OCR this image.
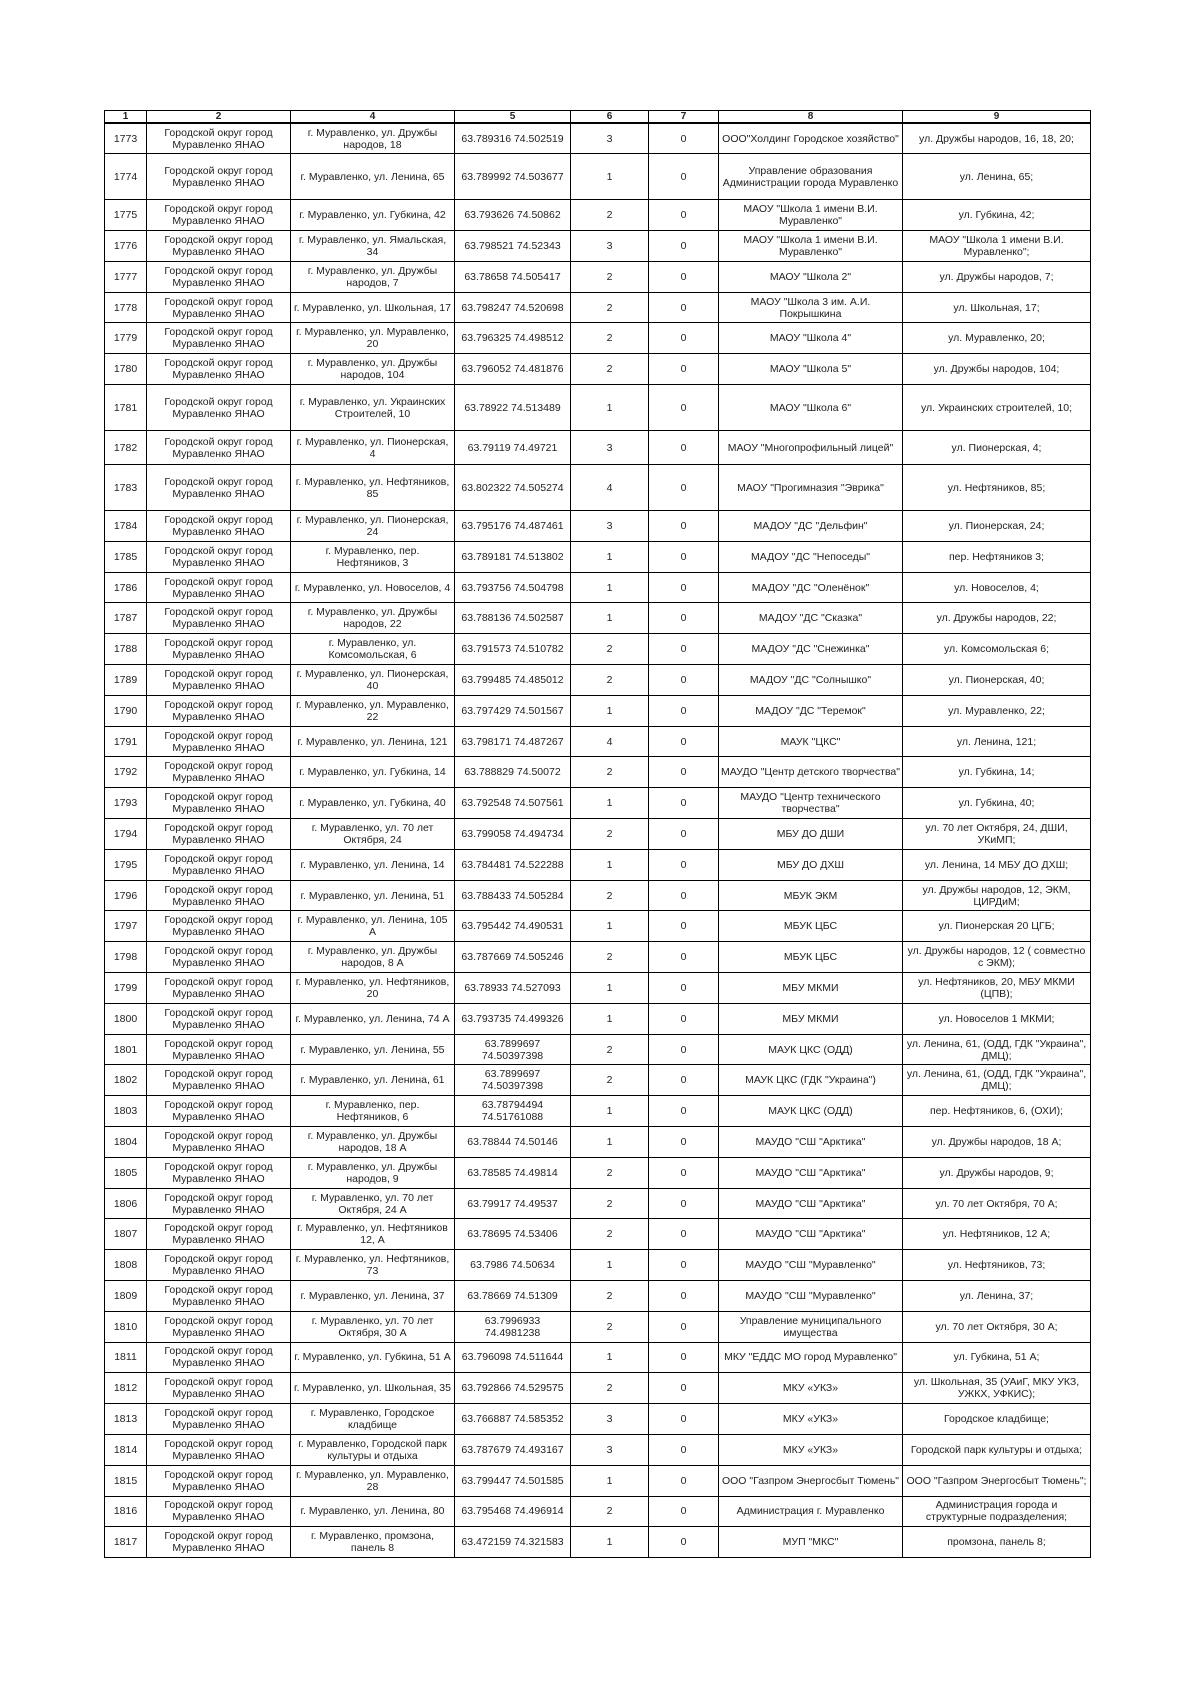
1	2	4	5	6	7	8	9
1773	Городской округ город Муравленко ЯНАО	г. Муравленко, ул. Дружбы народов, 18	63.789316 74.502519	3	0	ООО"Холдинг Городское хозяйство"	ул. Дружбы народов, 16, 18, 20;
1774	Городской округ город Муравленко ЯНАО	г. Муравленко, ул. Ленина, 65	63.789992 74.503677	1	0	Управление образования Администрации города Муравленко	ул. Ленина, 65;
1775	Городской округ город Муравленко ЯНАО	г. Муравленко, ул. Губкина, 42	63.793626 74.50862	2	0	МАОУ "Школа 1 имени В.И. Муравленко"	ул. Губкина, 42;
1776	Городской округ город Муравленко ЯНАО	г. Муравленко, ул. Ямальская, 34	63.798521 74.52343	3	0	МАОУ "Школа 1 имени В.И. Муравленко"	МАОУ "Школа 1 имени В.И. Муравленко";
1777	Городской округ город Муравленко ЯНАО	г. Муравленко, ул. Дружбы народов, 7	63.78658 74.505417	2	0	МАОУ "Школа 2"	ул. Дружбы народов, 7;
1778	Городской округ город Муравленко ЯНАО	г. Муравленко, ул. Школьная, 17	63.798247 74.520698	2	0	МАОУ "Школа 3 им. А.И. Покрышкина	ул. Школьная, 17;
1779	Городской округ город Муравленко ЯНАО	г. Муравленко, ул. Муравленко, 20	63.796325 74.498512	2	0	МАОУ "Школа 4"	ул. Муравленко, 20;
1780	Городской округ город Муравленко ЯНАО	г. Муравленко, ул. Дружбы народов, 104	63.796052 74.481876	2	0	МАОУ "Школа 5"	ул. Дружбы народов, 104;
1781	Городской округ город Муравленко ЯНАО	г. Муравленко, ул. Украинских Строителей, 10	63.78922 74.513489	1	0	МАОУ "Школа 6"	ул. Украинских строителей, 10;
1782	Городской округ город Муравленко ЯНАО	г. Муравленко, ул. Пионерская, 4	63.79119 74.49721	3	0	МАОУ "Многопрофильный лицей"	ул. Пионерская, 4;
1783	Городской округ город Муравленко ЯНАО	г. Муравленко, ул. Нефтяников, 85	63.802322 74.505274	4	0	МАОУ "Прогимназия "Эврика"	ул. Нефтяников, 85;
1784	Городской округ город Муравленко ЯНАО	г. Муравленко, ул. Пионерская, 24	63.795176 74.487461	3	0	МАДОУ "ДС "Дельфин"	ул. Пионерская, 24;
1785	Городской округ город Муравленко ЯНАО	г. Муравленко, пер. Нефтяников, 3	63.789181 74.513802	1	0	МАДОУ "ДС "Непоседы"	пер. Нефтяников 3;
1786	Городской округ город Муравленко ЯНАО	г. Муравленко, ул. Новоселов, 4	63.793756 74.504798	1	0	МАДОУ "ДС "Оленёнок"	ул. Новоселов, 4;
1787	Городской округ город Муравленко ЯНАО	г. Муравленко, ул. Дружбы народов, 22	63.788136 74.502587	1	0	МАДОУ "ДС "Сказка"	ул. Дружбы народов, 22;
1788	Городской округ город Муравленко ЯНАО	г. Муравленко, ул. Комсомольская, 6	63.791573 74.510782	2	0	МАДОУ "ДС "Снежинка"	ул. Комсомольская 6;
1789	Городской округ город Муравленко ЯНАО	г. Муравленко, ул. Пионерская, 40	63.799485 74.485012	2	0	МАДОУ "ДС "Солнышко"	ул. Пионерская, 40;
1790	Городской округ город Муравленко ЯНАО	г. Муравленко, ул. Муравленко, 22	63.797429 74.501567	1	0	МАДОУ "ДС "Теремок"	ул. Муравленко, 22;
1791	Городской округ город Муравленко ЯНАО	г. Муравленко, ул. Ленина, 121	63.798171 74.487267	4	0	МАУК "ЦКС"	ул. Ленина, 121;
1792	Городской округ город Муравленко ЯНАО	г. Муравленко, ул. Губкина, 14	63.788829 74.50072	2	0	МАУДО "Центр детского творчества"	ул. Губкина, 14;
1793	Городской округ город Муравленко ЯНАО	г. Муравленко, ул. Губкина, 40	63.792548 74.507561	1	0	МАУДО "Центр технического творчества"	ул. Губкина, 40;
1794	Городской округ город Муравленко ЯНАО	г. Муравленко, ул. 70 лет Октября, 24	63.799058 74.494734	2	0	МБУ ДО ДШИ	ул. 70 лет Октября, 24, ДШИ, УКиМП;
1795	Городской округ город Муравленко ЯНАО	г. Муравленко, ул. Ленина, 14	63.784481 74.522288	1	0	МБУ ДО ДХШ	ул. Ленина, 14 МБУ ДО ДХШ;
1796	Городской округ город Муравленко ЯНАО	г. Муравленко, ул. Ленина, 51	63.788433 74.505284	2	0	МБУК ЭКМ	ул. Дружбы народов, 12, ЭКМ, ЦИРДиМ;
1797	Городской округ город Муравленко ЯНАО	г. Муравленко, ул. Ленина, 105 А	63.795442 74.490531	1	0	МБУК ЦБС	ул. Пионерская 20 ЦГБ;
1798	Городской округ город Муравленко ЯНАО	г. Муравленко, ул. Дружбы народов, 8 А	63.787669 74.505246	2	0	МБУК ЦБС	ул. Дружбы народов, 12 ( совместно с ЭКМ);
1799	Городской округ город Муравленко ЯНАО	г. Муравленко, ул. Нефтяников, 20	63.78933 74.527093	1	0	МБУ МКМИ	ул. Нефтяников, 20, МБУ МКМИ (ЦПВ);
1800	Городской округ город Муравленко ЯНАО	г. Муравленко, ул. Ленина, 74 А	63.793735 74.499326	1	0	МБУ МКМИ	ул. Новоселов 1 МКМИ;
1801	Городской округ город Муравленко ЯНАО	г. Муравленко, ул. Ленина, 55	63.7899697 74.50397398	2	0	МАУК ЦКС (ОДД)	ул. Ленина, 61, (ОДД, ГДК "Украина", ДМЦ);
1802	Городской округ город Муравленко ЯНАО	г. Муравленко, ул. Ленина, 61	63.7899697 74.50397398	2	0	МАУК ЦКС (ГДК "Украина")	ул. Ленина, 61, (ОДД, ГДК "Украина", ДМЦ);
1803	Городской округ город Муравленко ЯНАО	г. Муравленко, пер. Нефтяников, 6	63.78794494 74.51761088	1	0	МАУК ЦКС (ОДД)	пер. Нефтяников, 6, (ОХИ);
1804	Городской округ город Муравленко ЯНАО	г. Муравленко, ул. Дружбы народов, 18 А	63.78844 74.50146	1	0	МАУДО "СШ "Арктика"	ул. Дружбы народов, 18 А;
1805	Городской округ город Муравленко ЯНАО	г. Муравленко, ул. Дружбы народов, 9	63.78585 74.49814	2	0	МАУДО "СШ "Арктика"	ул. Дружбы народов, 9;
1806	Городской округ город Муравленко ЯНАО	г. Муравленко, ул. 70 лет Октября, 24 А	63.79917 74.49537	2	0	МАУДО "СШ "Арктика"	ул. 70 лет Октября, 70 А;
1807	Городской округ город Муравленко ЯНАО	г. Муравленко, ул. Нефтяников 12, А	63.78695 74.53406	2	0	МАУДО "СШ "Арктика"	ул. Нефтяников, 12 А;
1808	Городской округ город Муравленко ЯНАО	г. Муравленко, ул. Нефтяников, 73	63.7986 74.50634	1	0	МАУДО "СШ "Муравленко"	ул. Нефтяников, 73;
1809	Городской округ город Муравленко ЯНАО	г. Муравленко, ул. Ленина, 37	63.78669 74.51309	2	0	МАУДО "СШ "Муравленко"	ул. Ленина, 37;
1810	Городской округ город Муравленко ЯНАО	г. Муравленко, ул. 70 лет Октября, 30 А	63.7996933 74.4981238	2	0	Управление муниципального имущества	ул. 70 лет Октября, 30 А;
1811	Городской округ город Муравленко ЯНАО	г. Муравленко, ул. Губкина, 51 А	63.796098 74.511644	1	0	МКУ "ЕДДС МО город Муравленко"	ул. Губкина, 51 А;
1812	Городской округ город Муравленко ЯНАО	г. Муравленко, ул. Школьная, 35	63.792866 74.529575	2	0	МКУ «УКЗ»	ул. Школьная, 35 (УАиГ, МКУ УКЗ, УЖКХ, УФКИС);
1813	Городской округ город Муравленко ЯНАО	г. Муравленко, Городское кладбище	63.766887 74.585352	3	0	МКУ «УКЗ»	Городское кладбище;
1814	Городской округ город Муравленко ЯНАО	г. Муравленко, Городской парк культуры и отдыха	63.787679 74.493167	3	0	МКУ «УКЗ»	Городской парк культуры и отдыха;
1815	Городской округ город Муравленко ЯНАО	г. Муравленко, ул. Муравленко, 28	63.799447 74.501585	1	0	ООО "Газпром Энергосбыт Тюмень"	ООО "Газпром Энергосбыт Тюмень";
1816	Городской округ город Муравленко ЯНАО	г. Муравленко, ул. Ленина, 80	63.795468 74.496914	2	0	Администрация г. Муравленко	Администрация города и структурные подразделения;
1817	Городской округ город Муравленко ЯНАО	г. Муравленко, промзона, панель 8	63.472159 74.321583	1	0	МУП "МКС"	промзона, панель 8;
